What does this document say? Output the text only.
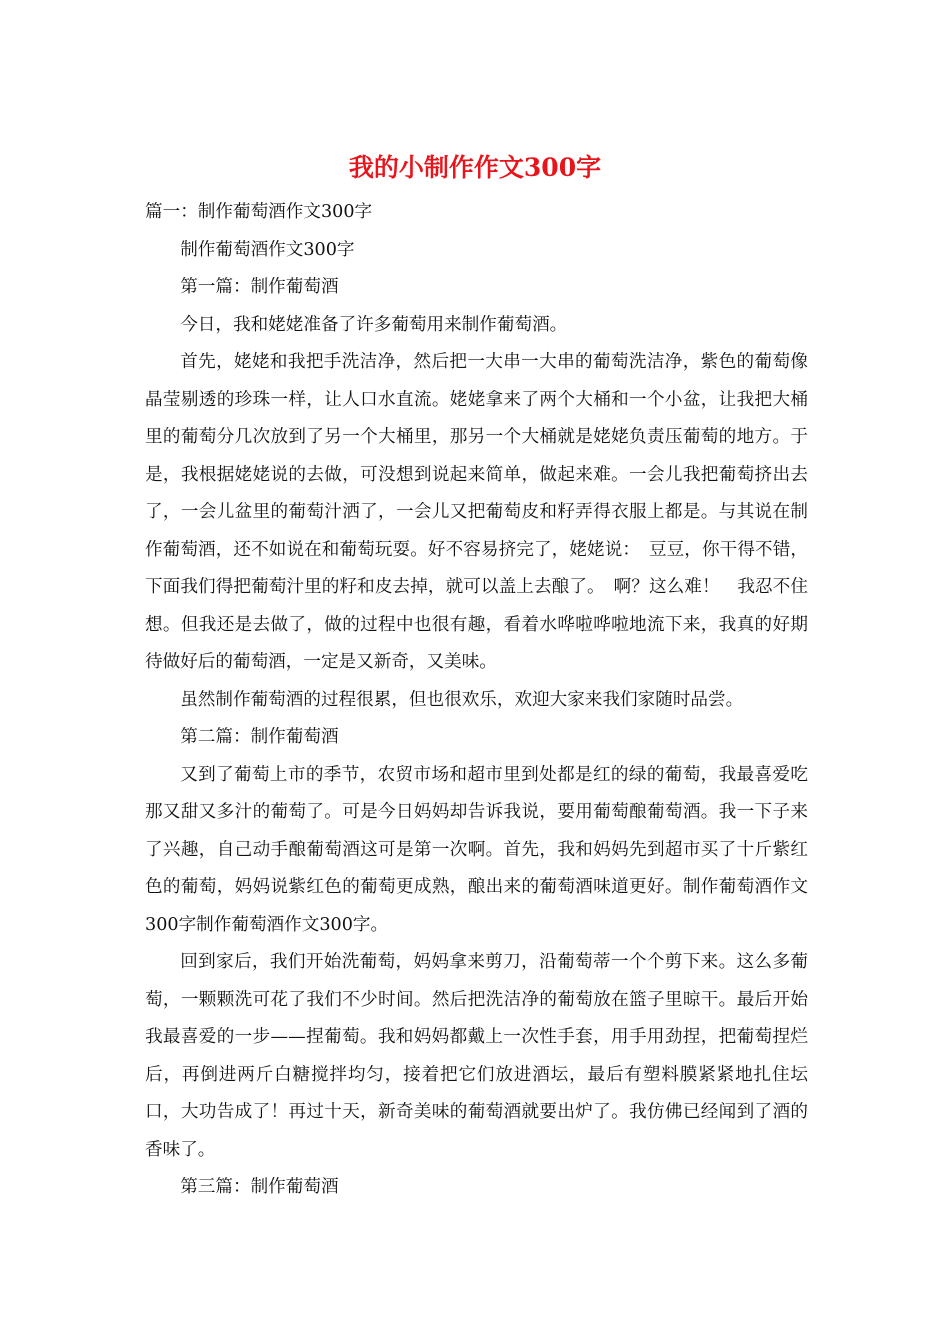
我的小制作作文300字

篇一：制作葡萄酒作文300字

制作葡萄酒作文300字

第一篇：制作葡萄酒

今日，我和姥姥准备了许多葡萄用来制作葡萄酒。

首先，姥姥和我把手洗洁净，然后把一大串一大串的葡萄洗洁净，紫色的葡萄像晶莹剔透的珍珠一样，让人口水直流。姥姥拿来了两个大桶和一个小盆，让我把大桶里的葡萄分几次放到了另一个大桶里，那另一个大桶就是姥姥负责压葡萄的地方。于是，我根据姥姥说的去做，可没想到说起来简单，做起来难。一会儿我把葡萄挤出去了，一会儿盆里的葡萄汁洒了，一会儿又把葡萄皮和籽弄得衣服上都是。与其说在制作葡萄酒，还不如说在和葡萄玩耍。好不容易挤完了，姥姥说：　豆豆，你干得不错，下面我们得把葡萄汁里的籽和皮去掉，就可以盖上去酿了。　啊？这么难！　我忍不住想。但我还是去做了，做的过程中也很有趣，看着水哗啦哗啦地流下来，我真的好期待做好后的葡萄酒，一定是又新奇，又美味。

虽然制作葡萄酒的过程很累，但也很欢乐，欢迎大家来我们家随时品尝。

第二篇：制作葡萄酒

又到了葡萄上市的季节，农贸市场和超市里到处都是红的绿的葡萄，我最喜爱吃那又甜又多汁的葡萄了。可是今日妈妈却告诉我说，要用葡萄酿葡萄酒。我一下子来了兴趣，自己动手酿葡萄酒这可是第一次啊。首先，我和妈妈先到超市买了十斤紫红色的葡萄，妈妈说紫红色的葡萄更成熟，酿出来的葡萄酒味道更好。制作葡萄酒作文300字制作葡萄酒作文300字。

回到家后，我们开始洗葡萄，妈妈拿来剪刀，沿葡萄蒂一个个剪下来。这么多葡萄，一颗颗洗可花了我们不少时间。然后把洗洁净的葡萄放在篮子里晾干。最后开始我最喜爱的一步——捏葡萄。我和妈妈都戴上一次性手套，用手用劲捏，把葡萄捏烂后，再倒进两斤白糖搅拌均匀，接着把它们放进酒坛，最后有塑料膜紧紧地扎住坛口，大功告成了！再过十天，新奇美味的葡萄酒就要出炉了。我仿佛已经闻到了酒的香味了。

第三篇：制作葡萄酒
